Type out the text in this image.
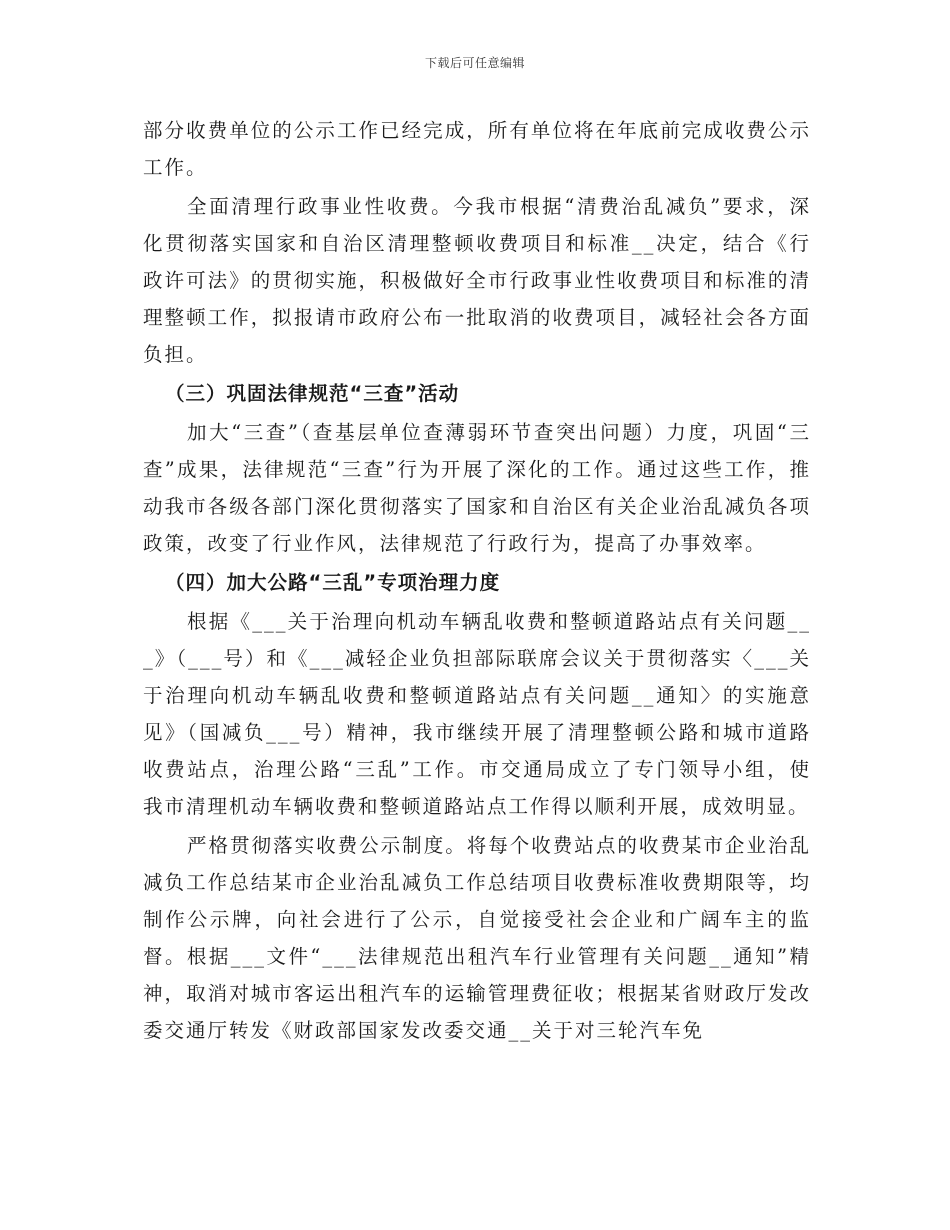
下载后可任意编辑

部分收费单位的公示工作已经完成，所有单位将在年底前完成收费公示工作。

全面清理行政事业性收费。今我市根据“清费治乱减负”要求，深化贯彻落实国家和自治区清理整顿收费项目和标准__决定，结合《行政许可法》的贯彻实施，积极做好全市行政事业性收费项目和标准的清理整顿工作，拟报请市政府公布一批取消的收费项目，减轻社会各方面负担。

（三）巩固法律规范“三查”活动

加大“三查”（查基层单位查薄弱环节查突出问题）力度，巩固“三查”成果，法律规范“三查”行为开展了深化的工作。通过这些工作，推动我市各级各部门深化贯彻落实了国家和自治区有关企业治乱减负各项政策，改变了行业作风，法律规范了行政行为，提高了办事效率。

（四）加大公路“三乱”专项治理力度

根据《___关于治理向机动车辆乱收费和整顿道路站点有关问题___》（___号）和《___减轻企业负担部际联席会议关于贯彻落实〈___关于治理向机动车辆乱收费和整顿道路站点有关问题__通知〉的实施意见》（国减负___号）精神，我市继续开展了清理整顿公路和城市道路收费站点，治理公路“三乱”工作。市交通局成立了专门领导小组，使我市清理机动车辆收费和整顿道路站点工作得以顺利开展，成效明显。

严格贯彻落实收费公示制度。将每个收费站点的收费某市企业治乱减负工作总结某市企业治乱减负工作总结项目收费标准收费期限等，均制作公示牌，向社会进行了公示，自觉接受社会企业和广阔车主的监督。根据___文件“___法律规范出租汽车行业管理有关问题__通知”精神，取消对城市客运出租汽车的运输管理费征收；根据某省财政厅发改委交通厅转发《财政部国家发改委交通__关于对三轮汽车免
